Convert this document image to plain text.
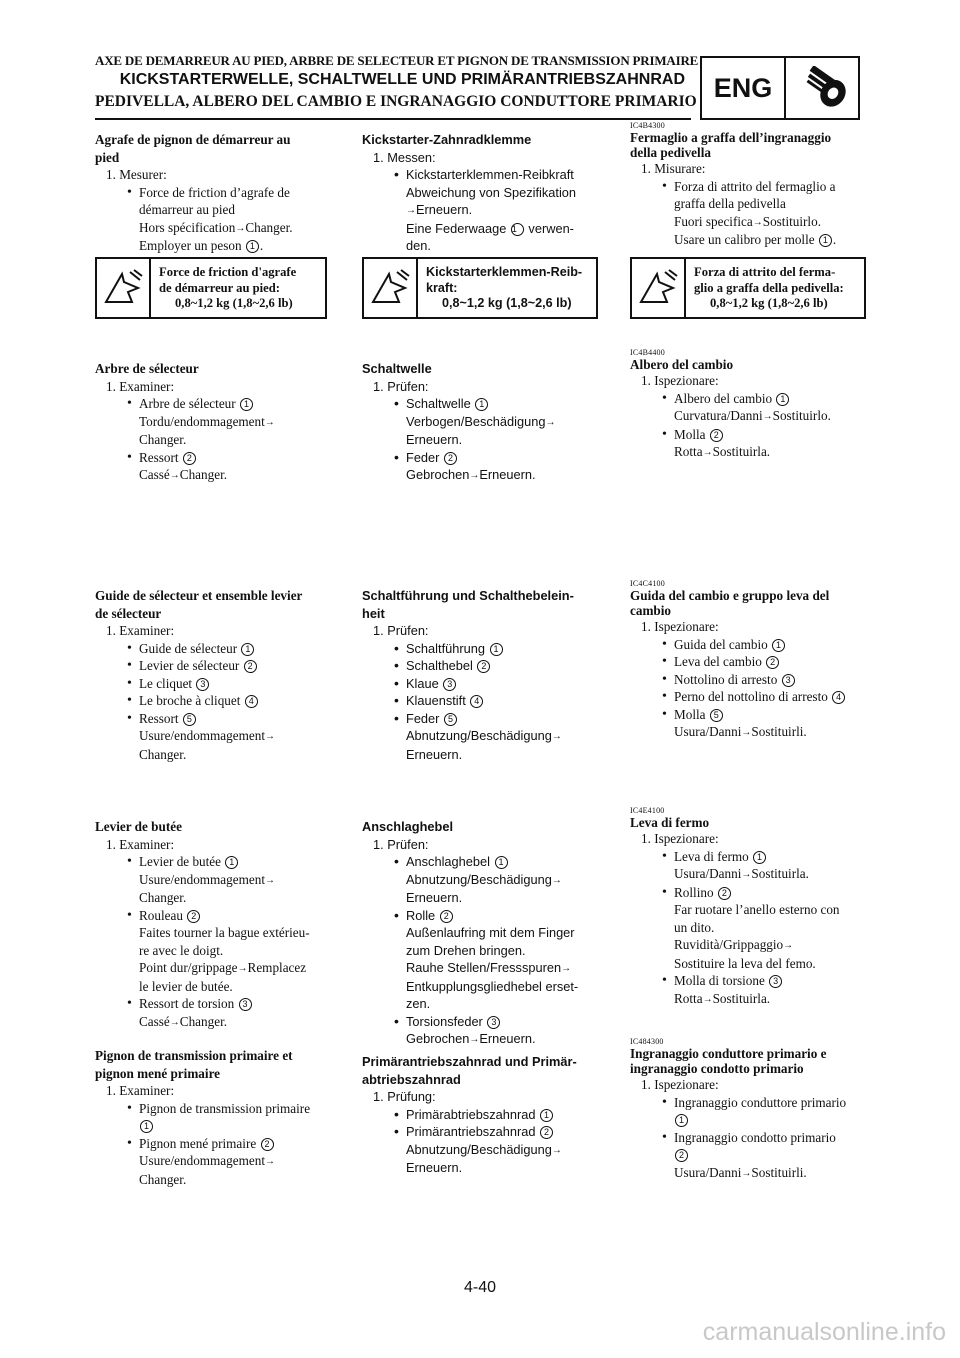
AXE DE DEMARREUR AU PIED, ARBRE DE SELECTEUR ET PIGNON DE TRANSMISSION PRIMAIRE
KICKSTARTERWELLE, SCHALTWELLE UND PRIMÄRANTRIEBSZAHNRAD
PEDIVELLA, ALBERO DEL CAMBIO E INGRANAGGIO CONDUTTORE PRIMARIO ENG
Agrafe de pignon de démarreur au
pied
1. Mesurer:
• Force de friction d’agrafe de
démarreur au pied
Hors spécification→Changer.
Employer un peson 1 .
Force de friction d'agrafe
de démarreur au pied:
0,8~1,2 kg (1,8~2,6 lb)
Arbre de sélecteur
1. Examiner:
• Arbre de sélecteur 1
Tordu/endommagement→
Changer.
• Ressort 2
Cassé→Changer.
Guide de sélecteur et ensemble levier
de sélecteur
1. Examiner:
• Guide de sélecteur 1
• Levier de sélecteur 2
• Le cliquet 3
• Le broche à cliquet 4
• Ressort 5
Usure/endommagement→
Changer.
Levier de butée
1. Examiner:
• Levier de butée 1
Usure/endommagement→
Changer.
• Rouleau 2
Faites tourner la bague extérieu-
re avec le doigt.
Point dur/grippage→Remplacez
le levier de butée.
• Ressort de torsion 3
Cassé→Changer.
Pignon de transmission primaire et
pignon mené primaire
1. Examiner:
• Pignon de transmission primaire
1
• Pignon mené primaire 2
Usure/endommagement→
Changer.
Kickstarter-Zahnradklemme
1. Messen:
• Kickstarterklemmen-Reibkraft
Abweichung von Spezifikation
→Erneuern.
Eine Federwaage 1 verwen-
den.
Kickstarterklemmen-Reib-
kraft:
0,8~1,2 kg (1,8~2,6 lb)
Schaltwelle
1. Prüfen:
• Schaltwelle 1
Verbogen/Beschädigung→
Erneuern.
• Feder 2
Gebrochen→Erneuern.
Schaltführung und Schalthebelein-
heit
1. Prüfen:
• Schaltführung 1
• Schalthebel 2
• Klaue 3
• Klauenstift 4
• Feder 5
Abnutzung/Beschädigung→
Erneuern.
Anschlaghebel
1. Prüfen:
• Anschlaghebel 1
Abnutzung/Beschädigung→
Erneuern.
• Rolle 2
Außenlaufring mit dem Finger
zum Drehen bringen.
Rauhe Stellen/Fressspuren→
Entkupplungsgliedhebel erset-
zen.
• Torsionsfeder 3
Gebrochen→Erneuern.
Primärantriebszahnrad und Primär-
abtriebszahnrad
1. Prüfung:
• Primärabtriebszahnrad 1
• Primärantriebszahnrad 2
Abnutzung/Beschädigung→
Erneuern.
IC4B4300
Fermaglio a graffa dell’ingranaggio
della pedivella
1. Misurare:
• Forza di attrito del fermaglio a
graffa della pedivella
Fuori specifica→Sostituirlo.
Usare un calibro per molle 1 .
Forza di attrito del ferma-
glio a graffa della pedivella:
0,8~1,2 kg (1,8~2,6 lb)
IC4B4400
Albero del cambio
1. Ispezionare:
• Albero del cambio 1
Curvatura/Danni→Sostituirlo.
• Molla 2
Rotta→Sostituirla.
IC4C4100
Guida del cambio e gruppo leva del
cambio
1. Ispezionare:
• Guida del cambio 1
• Leva del cambio 2
• Nottolino di arresto 3
• Perno del nottolino di arresto 4
• Molla 5
Usura/Danni→Sostituirli.
IC4E4100
Leva di fermo
1. Ispezionare:
• Leva di fermo 1
Usura/Danni→Sostituirla.
• Rollino 2
Far ruotare l’anello esterno con
un dito.
Ruvidità/Grippaggio→
Sostituire la leva del femo.
• Molla di torsione 3
Rotta→Sostituirla.
IC484300
Ingranaggio conduttore primario e
ingranaggio condotto primario
1. Ispezionare:
• Ingranaggio conduttore primario
1
• Ingranaggio condotto primario
2
Usura/Danni→Sostituirli.
4-40
carmanualsonline.info
